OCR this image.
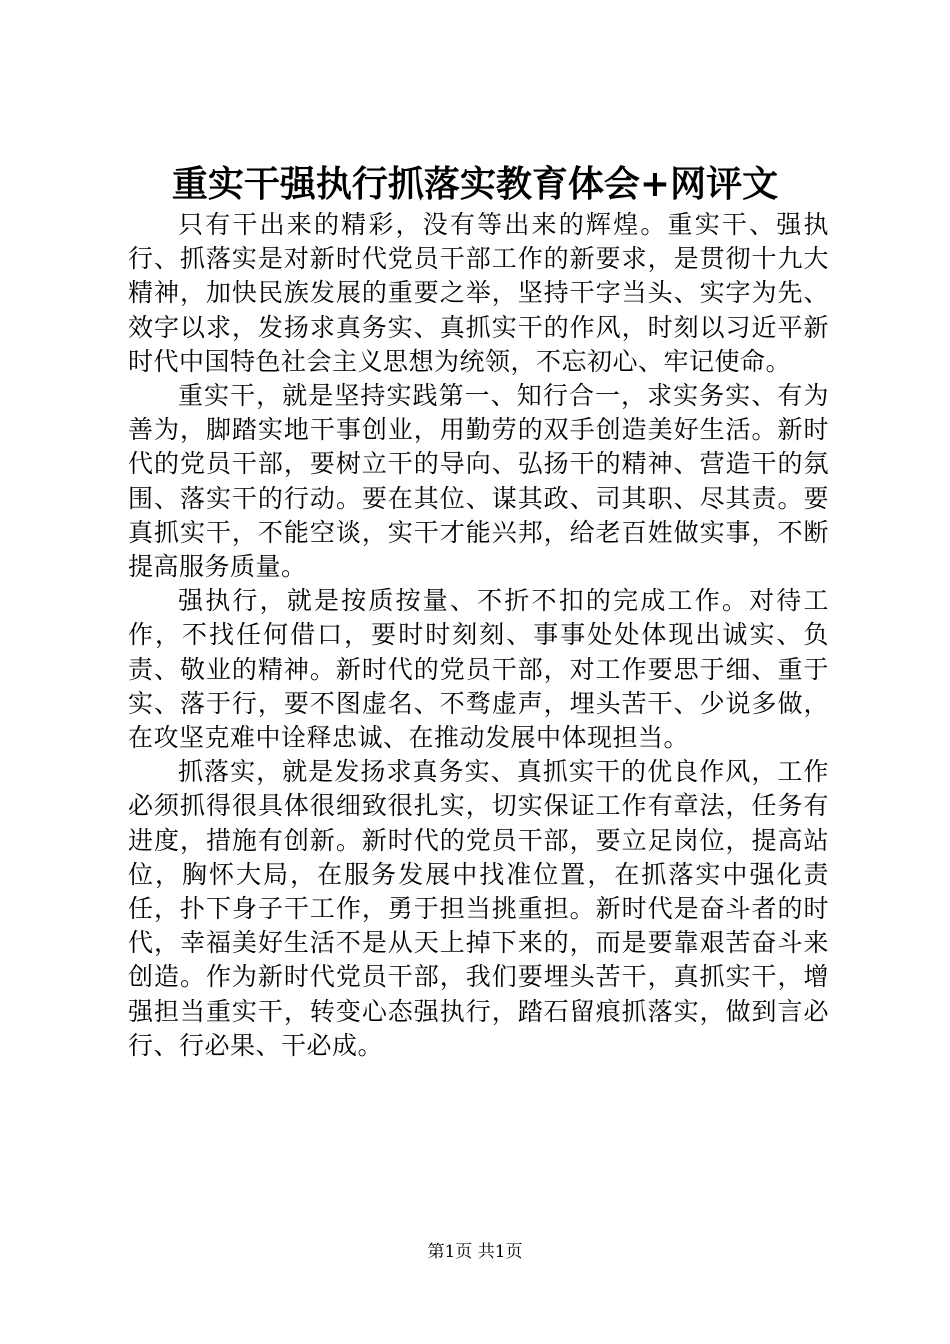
重实干强执行抓落实教育体会+网评文

只有干出来的精彩，没有等出来的辉煌。重实干、强执行、抓落实是对新时代党员干部工作的新要求，是贯彻十九大精神，加快民族发展的重要之举，坚持干字当头、实字为先、效字以求，发扬求真务实、真抓实干的作风，时刻以习近平新时代中国特色社会主义思想为统领，不忘初心、牢记使命。

重实干，就是坚持实践第一、知行合一，求实务实、有为善为，脚踏实地干事创业，用勤劳的双手创造美好生活。新时代的党员干部，要树立干的导向、弘扬干的精神、营造干的氛围、落实干的行动。要在其位、谋其政、司其职、尽其责。要真抓实干，不能空谈，实干才能兴邦，给老百姓做实事，不断提高服务质量。

强执行，就是按质按量、不折不扣的完成工作。对待工作，不找任何借口，要时时刻刻、事事处处体现出诚实、负责、敬业的精神。新时代的党员干部，对工作要思于细、重于实、落于行，要不图虚名、不骛虚声，埋头苦干、少说多做，在攻坚克难中诠释忠诚、在推动发展中体现担当。

抓落实，就是发扬求真务实、真抓实干的优良作风，工作必须抓得很具体很细致很扎实，切实保证工作有章法，任务有进度，措施有创新。新时代的党员干部，要立足岗位，提高站位，胸怀大局，在服务发展中找准位置，在抓落实中强化责任，扑下身子干工作，勇于担当挑重担。新时代是奋斗者的时代，幸福美好生活不是从天上掉下来的，而是要靠艰苦奋斗来创造。作为新时代党员干部，我们要埋头苦干，真抓实干，增强担当重实干，转变心态强执行，踏石留痕抓落实，做到言必行、行必果、干必成。

第1页 共1页
